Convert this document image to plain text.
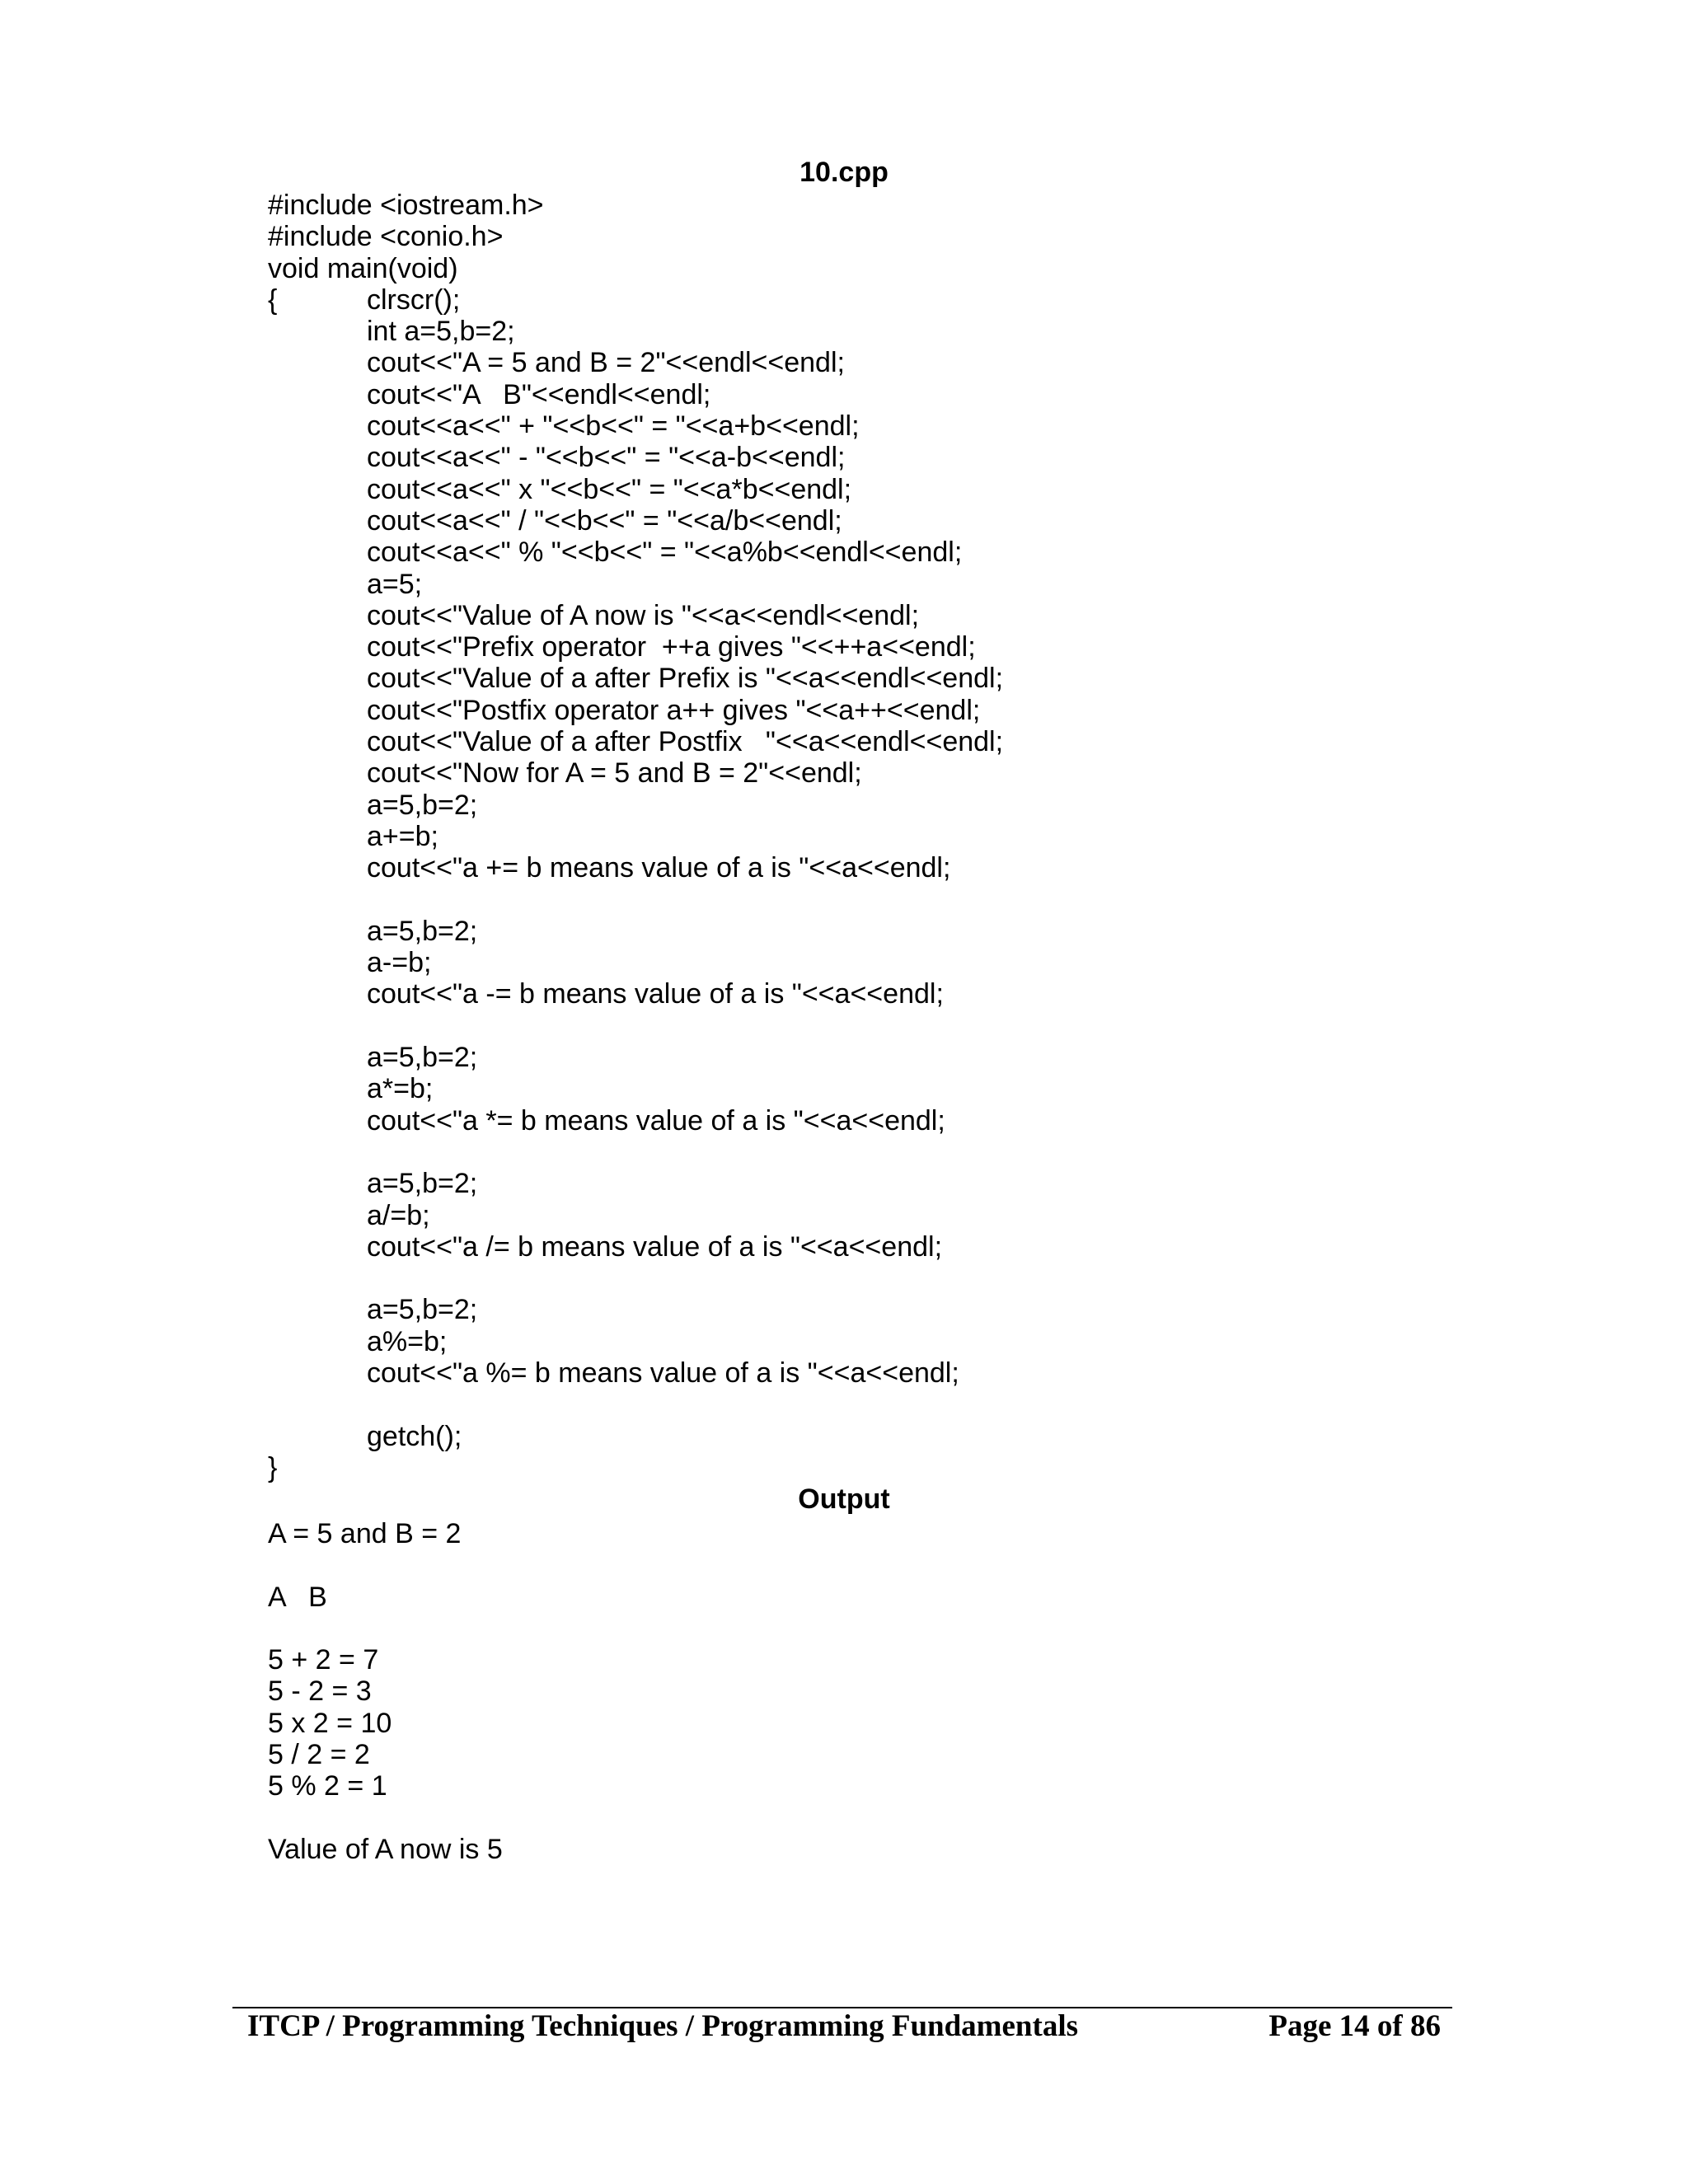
10.cpp
#include <iostream.h>
#include <conio.h>
void main(void)
{	clrscr();
int a=5,b=2;
cout<<"A = 5 and B = 2"<<endl<<endl;
cout<<"A   B"<<endl<<endl;
cout<<a<<" + "<<b<<" = "<<a+b<<endl;
cout<<a<<" - "<<b<<" = "<<a-b<<endl;
cout<<a<<" x "<<b<<" = "<<a*b<<endl;
cout<<a<<" / "<<b<<" = "<<a/b<<endl;
cout<<a<<" % "<<b<<" = "<<a%b<<endl<<endl;
a=5;
cout<<"Value of A now is "<<a<<endl<<endl;
cout<<"Prefix operator  ++a gives "<<++a<<endl;
cout<<"Value of a after Prefix is "<<a<<endl<<endl;
cout<<"Postfix operator a++ gives "<<a++<<endl;
cout<<"Value of a after Postfix   "<<a<<endl<<endl;
cout<<"Now for A = 5 and B = 2"<<endl;
a=5,b=2;
a+=b;
cout<<"a += b means value of a is "<<a<<endl;
a=5,b=2;
a-=b;
cout<<"a -= b means value of a is "<<a<<endl;
a=5,b=2;
a*=b;
cout<<"a *= b means value of a is "<<a<<endl;
a=5,b=2;
a/=b;
cout<<"a /= b means value of a is "<<a<<endl;
a=5,b=2;
a%=b;
cout<<"a %= b means value of a is "<<a<<endl;
getch();
}
Output
A = 5 and B = 2
A   B
5 + 2 = 7
5 - 2 = 3
5 x 2 = 10
5 / 2 = 2
5 % 2 = 1
Value of A now is 5
ITCP / Programming Techniques / Programming Fundamentals	Page 14 of 86
